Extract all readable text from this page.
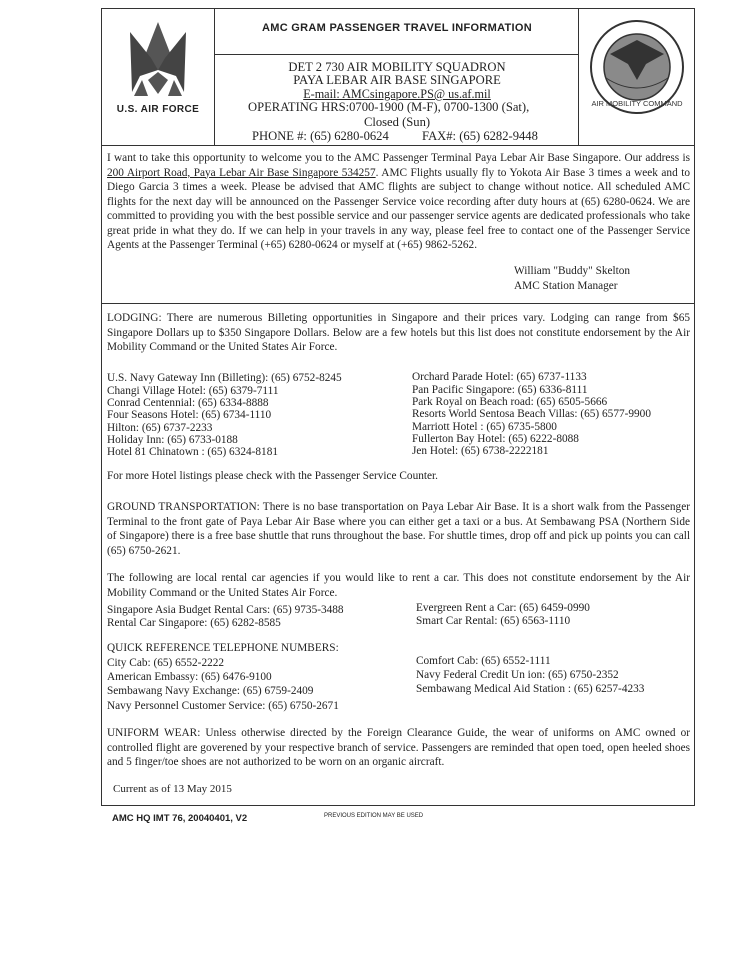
U.S. AIR FORCE
AMC GRAM PASSENGER TRAVEL INFORMATION
DET 2 730 AIR MOBILITY SQUADRON
PAYA LEBAR AIR BASE SINGAPORE
E-mail: AMCsingapore.PS@ us.af.mil
OPERATING HRS:0700-1900 (M-F), 0700-1300 (Sat),
Closed (Sun)
PHONE #: (65) 6280-0624	FAX#: (65) 6282-9448
AIR MOBILITY COMMAND
I want to take this opportunity to welcome you to the AMC Passenger Terminal Paya Lebar Air Base Singapore. Our address is 200 Airport Road, Paya Lebar Air Base Singapore 534257. AMC Flights usually fly to Yokota Air Base 3 times a week and to Diego Garcia 3 times a week. Please be advised that AMC flights are subject to change without notice. All scheduled AMC flights for the next day will be announced on the Passenger Service voice recording after duty hours at (65) 6280-0624. We are committed to providing you with the best possible service and our passenger service agents are dedicated professionals who take great pride in what they do. If we can help in your travels in any way, please feel free to contact one of the Passenger Service Agents at the Passenger Terminal (+65) 6280-0624 or myself at (+65) 9862-5262.
William "Buddy" Skelton
AMC Station Manager
LODGING: There are numerous Billeting opportunities in Singapore and their prices vary. Lodging can range from $65 Singapore Dollars up to $350 Singapore Dollars. Below are a few hotels but this list does not constitute endorsement by the Air Mobility Command or the United States Air Force.
U.S. Navy Gateway Inn (Billeting): (65) 6752-8245
Changi Village Hotel: (65) 6379-7111
Conrad Centennial: (65) 6334-8888
Four Seasons Hotel: (65) 6734-1110
Hilton: (65) 6737-2233
Holiday Inn: (65) 6733-0188
Hotel 81 Chinatown : (65) 6324-8181
Orchard Parade Hotel: (65) 6737-1133
Pan Pacific Singapore: (65) 6336-8111
Park Royal on Beach road: (65) 6505-5666
Resorts World Sentosa Beach Villas: (65) 6577-9900
Marriott Hotel : (65) 6735-5800
Fullerton Bay Hotel: (65) 6222-8088
Jen Hotel: (65) 6738-2222181
For more Hotel listings please check with the Passenger Service Counter.
GROUND TRANSPORTATION: There is no base transportation on Paya Lebar Air Base. It is a short walk from the Passenger Terminal to the front gate of Paya Lebar Air Base where you can either get a taxi or a bus. At Sembawang PSA (Northern Side of Singapore) there is a free base shuttle that runs throughout the base. For shuttle times, drop off and pick up points you can call (65) 6750-2621.
The following are local rental car agencies if you would like to rent a car. This does not constitute endorsement by the Air Mobility Command or the United States Air Force.
Singapore Asia Budget Rental Cars: (65) 9735-3488
Rental Car Singapore: (65) 6282-8585
Evergreen Rent a Car: (65) 6459-0990
Smart Car Rental: (65) 6563-1110
QUICK REFERENCE TELEPHONE NUMBERS:
City Cab: (65) 6552-2222
American Embassy: (65) 6476-9100
Sembawang Navy Exchange: (65) 6759-2409
Navy Personnel Customer Service: (65) 6750-2671
Comfort Cab: (65) 6552-1111
Navy Federal Credit Un ion: (65) 6750-2352
Sembawang Medical Aid Station : (65) 6257-4233
UNIFORM WEAR: Unless otherwise directed by the Foreign Clearance Guide, the wear of uniforms on AMC owned or controlled flight are goverened by your respective branch of service. Passengers are reminded that open toed, open heeled shoes and 5 finger/toe shoes are not authorized to be worn on an organic aircraft.
Current as of 13 May 2015
AMC HQ IMT 76, 20040401, V2	PREVIOUS EDITION MAY BE USED
